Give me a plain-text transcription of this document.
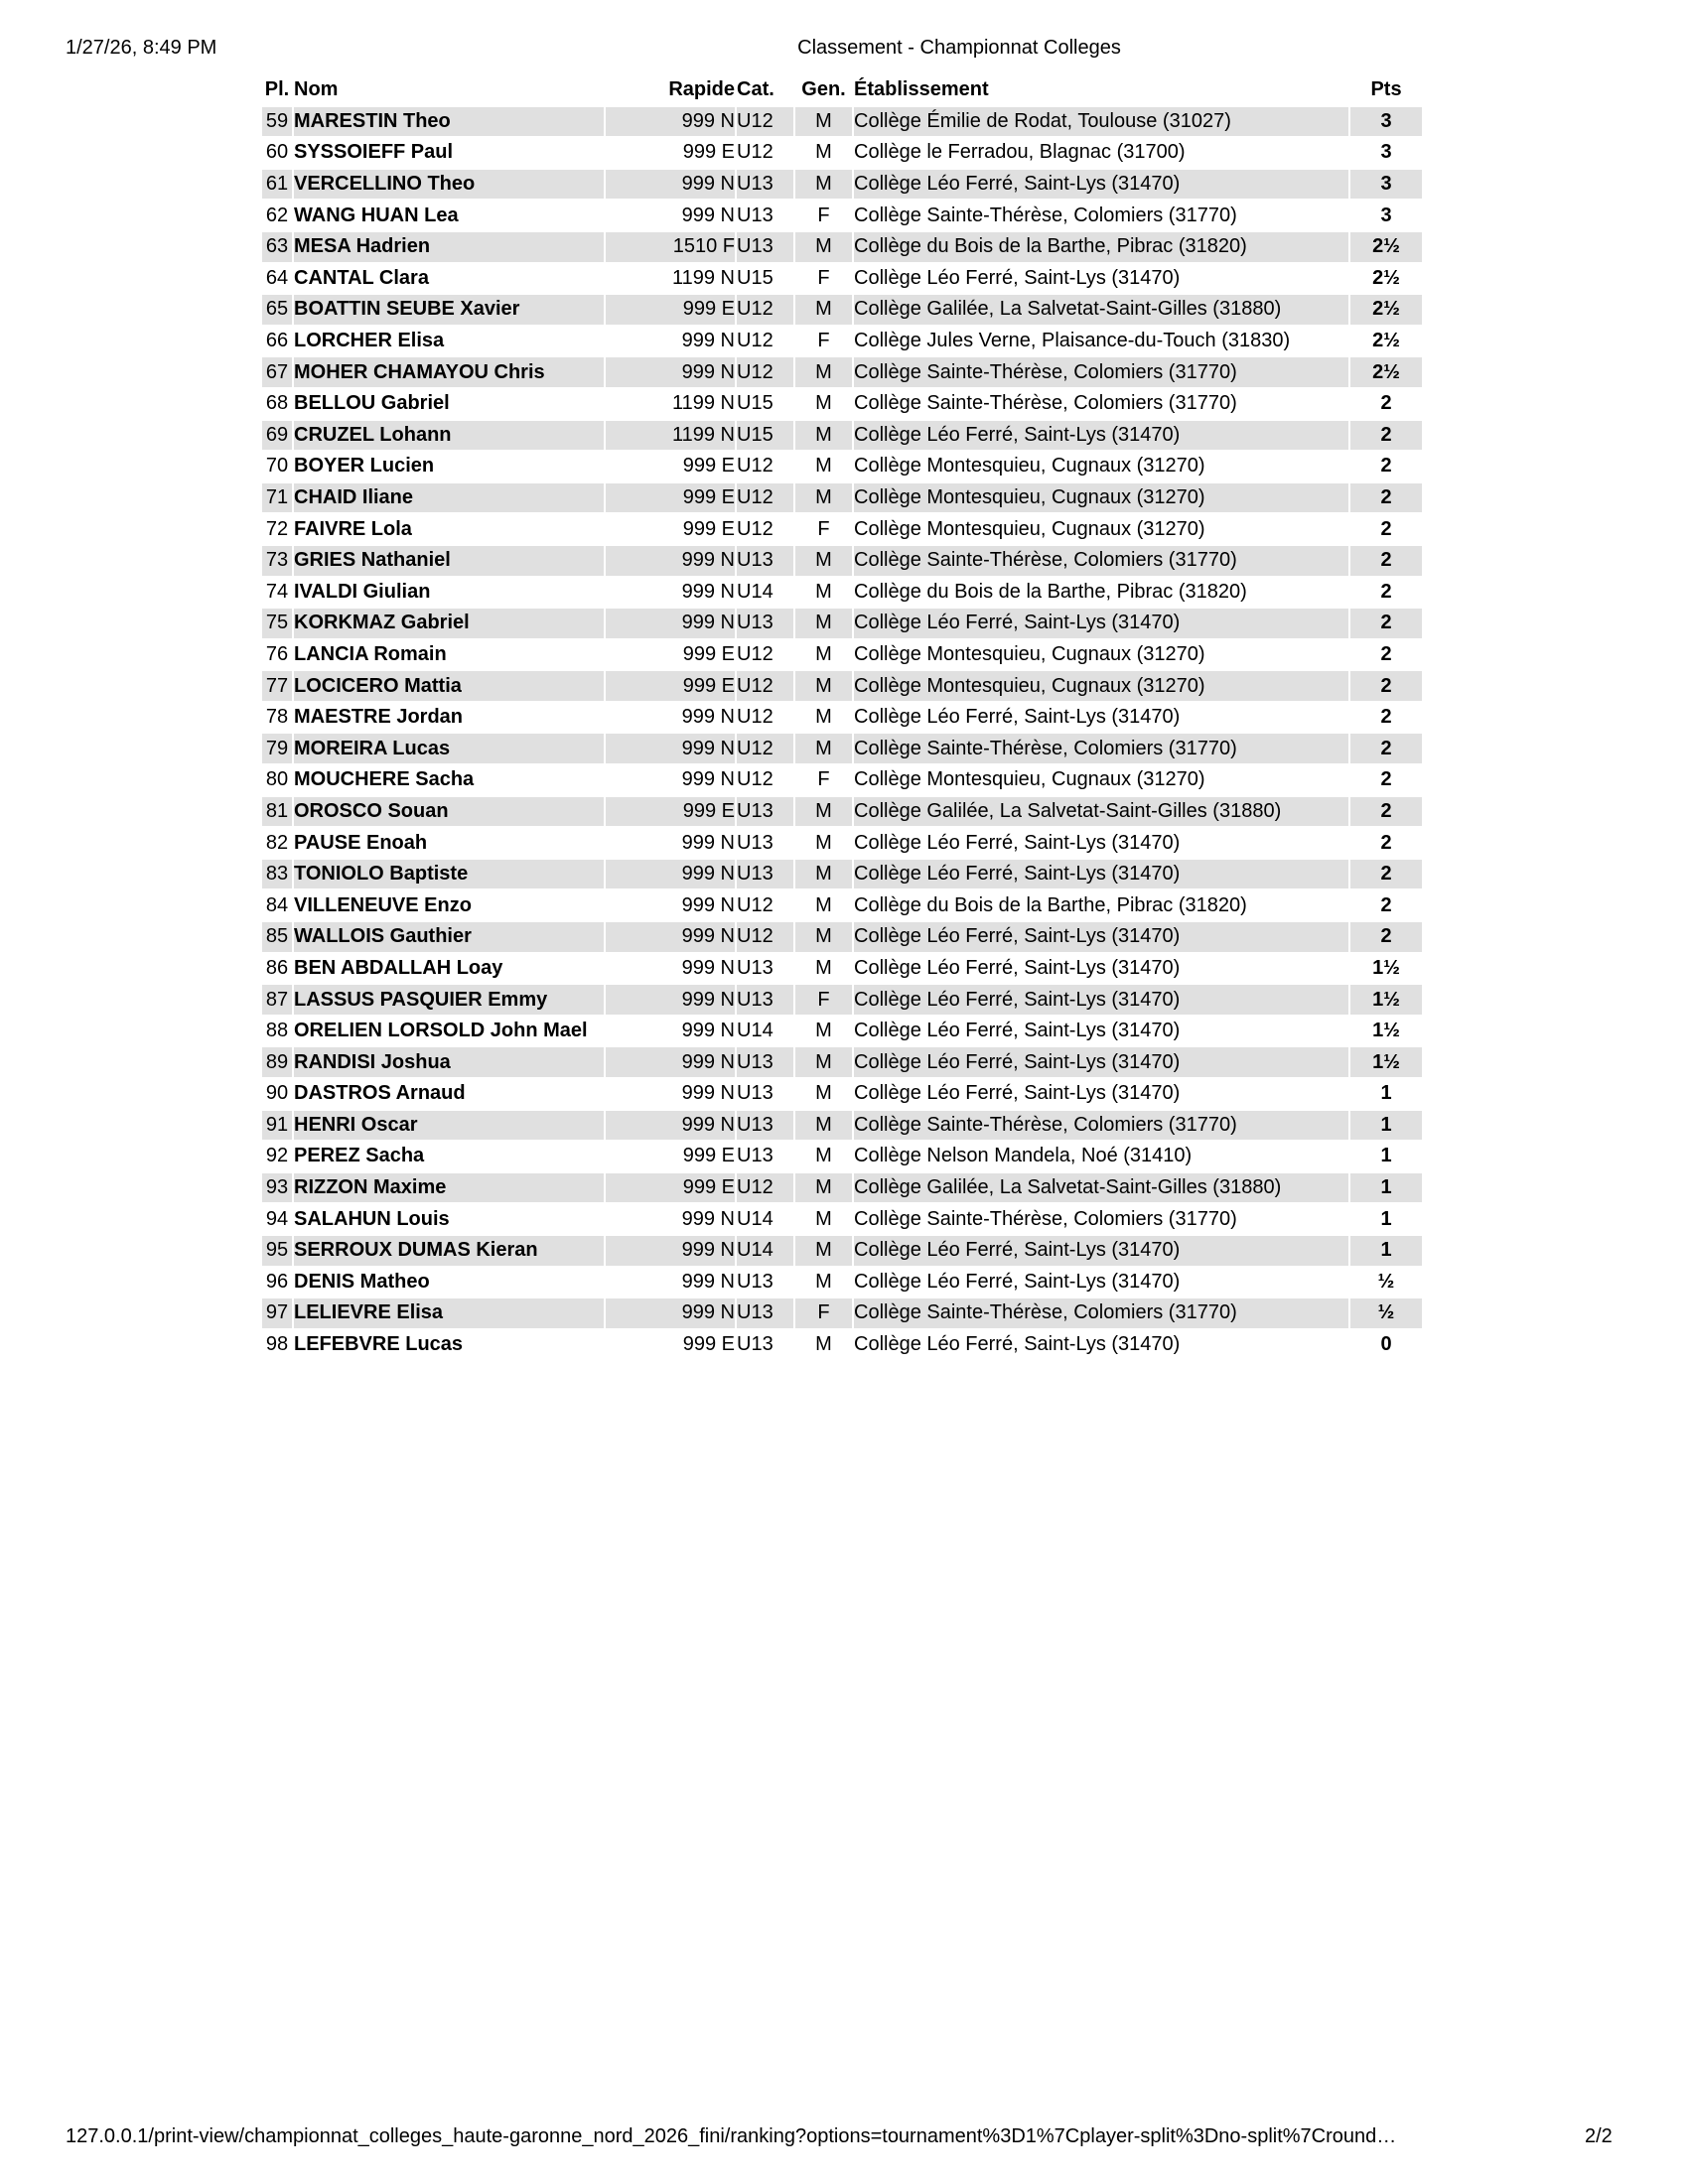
1/27/26, 8:49 PM	Classement - Championnat Colleges
Pl.	Nom	Rapide	Cat.	Gen.	Établissement	Pts
59	MARESTIN Theo	999 N	U12	M	Collège Émilie de Rodat, Toulouse (31027)	3
60	SYSSOIEFF Paul	999 E	U12	M	Collège le Ferradou, Blagnac (31700)	3
61	VERCELLINO Theo	999 N	U13	M	Collège Léo Ferré, Saint-Lys (31470)	3
62	WANG HUAN Lea	999 N	U13	F	Collège Sainte-Thérèse, Colomiers (31770)	3
63	MESA Hadrien	1510 F	U13	M	Collège du Bois de la Barthe, Pibrac (31820)	2½
64	CANTAL Clara	1199 N	U15	F	Collège Léo Ferré, Saint-Lys (31470)	2½
65	BOATTIN SEUBE Xavier	999 E	U12	M	Collège Galilée, La Salvetat-Saint-Gilles (31880)	2½
66	LORCHER Elisa	999 N	U12	F	Collège Jules Verne, Plaisance-du-Touch (31830)	2½
67	MOHER CHAMAYOU Chris	999 N	U12	M	Collège Sainte-Thérèse, Colomiers (31770)	2½
68	BELLOU Gabriel	1199 N	U15	M	Collège Sainte-Thérèse, Colomiers (31770)	2
69	CRUZEL Lohann	1199 N	U15	M	Collège Léo Ferré, Saint-Lys (31470)	2
70	BOYER Lucien	999 E	U12	M	Collège Montesquieu, Cugnaux (31270)	2
71	CHAID Iliane	999 E	U12	M	Collège Montesquieu, Cugnaux (31270)	2
72	FAIVRE Lola	999 E	U12	F	Collège Montesquieu, Cugnaux (31270)	2
73	GRIES Nathaniel	999 N	U13	M	Collège Sainte-Thérèse, Colomiers (31770)	2
74	IVALDI Giulian	999 N	U14	M	Collège du Bois de la Barthe, Pibrac (31820)	2
75	KORKMAZ Gabriel	999 N	U13	M	Collège Léo Ferré, Saint-Lys (31470)	2
76	LANCIA Romain	999 E	U12	M	Collège Montesquieu, Cugnaux (31270)	2
77	LOCICERO Mattia	999 E	U12	M	Collège Montesquieu, Cugnaux (31270)	2
78	MAESTRE Jordan	999 N	U12	M	Collège Léo Ferré, Saint-Lys (31470)	2
79	MOREIRA Lucas	999 N	U12	M	Collège Sainte-Thérèse, Colomiers (31770)	2
80	MOUCHERE Sacha	999 N	U12	F	Collège Montesquieu, Cugnaux (31270)	2
81	OROSCO Souan	999 E	U13	M	Collège Galilée, La Salvetat-Saint-Gilles (31880)	2
82	PAUSE Enoah	999 N	U13	M	Collège Léo Ferré, Saint-Lys (31470)	2
83	TONIOLO Baptiste	999 N	U13	M	Collège Léo Ferré, Saint-Lys (31470)	2
84	VILLENEUVE Enzo	999 N	U12	M	Collège du Bois de la Barthe, Pibrac (31820)	2
85	WALLOIS Gauthier	999 N	U12	M	Collège Léo Ferré, Saint-Lys (31470)	2
86	BEN ABDALLAH Loay	999 N	U13	M	Collège Léo Ferré, Saint-Lys (31470)	1½
87	LASSUS PASQUIER Emmy	999 N	U13	F	Collège Léo Ferré, Saint-Lys (31470)	1½
88	ORELIEN LORSOLD John Mael	999 N	U14	M	Collège Léo Ferré, Saint-Lys (31470)	1½
89	RANDISI Joshua	999 N	U13	M	Collège Léo Ferré, Saint-Lys (31470)	1½
90	DASTROS Arnaud	999 N	U13	M	Collège Léo Ferré, Saint-Lys (31470)	1
91	HENRI Oscar	999 N	U13	M	Collège Sainte-Thérèse, Colomiers (31770)	1
92	PEREZ Sacha	999 E	U13	M	Collège Nelson Mandela, Noé (31410)	1
93	RIZZON Maxime	999 E	U12	M	Collège Galilée, La Salvetat-Saint-Gilles (31880)	1
94	SALAHUN Louis	999 N	U14	M	Collège Sainte-Thérèse, Colomiers (31770)	1
95	SERROUX DUMAS Kieran	999 N	U14	M	Collège Léo Ferré, Saint-Lys (31470)	1
96	DENIS Matheo	999 N	U13	M	Collège Léo Ferré, Saint-Lys (31470)	½
97	LELIEVRE Elisa	999 N	U13	F	Collège Sainte-Thérèse, Colomiers (31770)	½
98	LEFEBVRE Lucas	999 E	U13	M	Collège Léo Ferré, Saint-Lys (31470)	0
127.0.0.1/print-view/championnat_colleges_haute-garonne_nord_2026_fini/ranking?options=tournament%3D1%7Cplayer-split%3Dno-split%7Cround…	2/2
